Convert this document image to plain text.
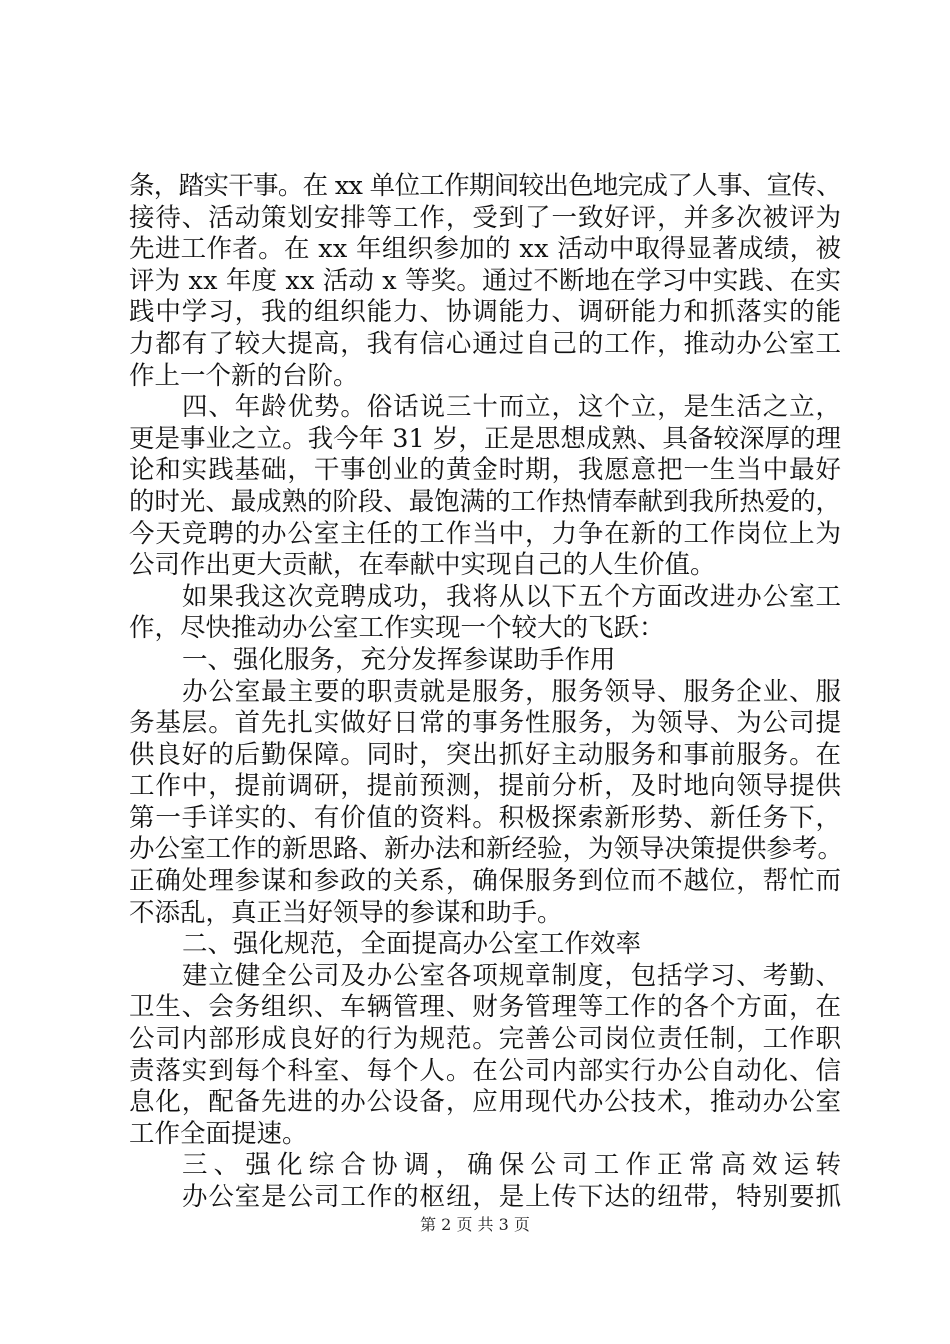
条，踏实干事。在 xx 单位工作期间较出色地完成了人事、宣传、
接待、活动策划安排等工作，受到了一致好评，并多次被评为
先进工作者。在 xx 年组织参加的 xx 活动中取得显著成绩，被
评为 xx 年度 xx 活动 x 等奖。通过不断地在学习中实践、在实
践中学习，我的组织能力、协调能力、调研能力和抓落实的能
力都有了较大提高，我有信心通过自己的工作，推动办公室工
作上一个新的台阶。
四、年龄优势。俗话说三十而立，这个立，是生活之立，
更是事业之立。我今年 31 岁，正是思想成熟、具备较深厚的理
论和实践基础，干事创业的黄金时期，我愿意把一生当中最好
的时光、最成熟的阶段、最饱满的工作热情奉献到我所热爱的，
今天竞聘的办公室主任的工作当中，力争在新的工作岗位上为
公司作出更大贡献，在奉献中实现自己的人生价值。
如果我这次竞聘成功，我将从以下五个方面改进办公室工
作，尽快推动办公室工作实现一个较大的飞跃：
一、强化服务，充分发挥参谋助手作用
办公室最主要的职责就是服务，服务领导、服务企业、服
务基层。首先扎实做好日常的事务性服务，为领导、为公司提
供良好的后勤保障。同时，突出抓好主动服务和事前服务。在
工作中，提前调研，提前预测，提前分析，及时地向领导提供
第一手详实的、有价值的资料。积极探索新形势、新任务下，
办公室工作的新思路、新办法和新经验，为领导决策提供参考。
正确处理参谋和参政的关系，确保服务到位而不越位，帮忙而
不添乱，真正当好领导的参谋和助手。
二、强化规范，全面提高办公室工作效率
建立健全公司及办公室各项规章制度，包括学习、考勤、
卫生、会务组织、车辆管理、财务管理等工作的各个方面，在
公司内部形成良好的行为规范。完善公司岗位责任制，工作职
责落实到每个科室、每个人。在公司内部实行办公自动化、信
息化，配备先进的办公设备，应用现代办公技术，推动办公室
工作全面提速。
三、强化综合协调，确保公司工作正常高效运转
办公室是公司工作的枢纽，是上传下达的纽带，特别要抓
第 2 页 共 3 页
